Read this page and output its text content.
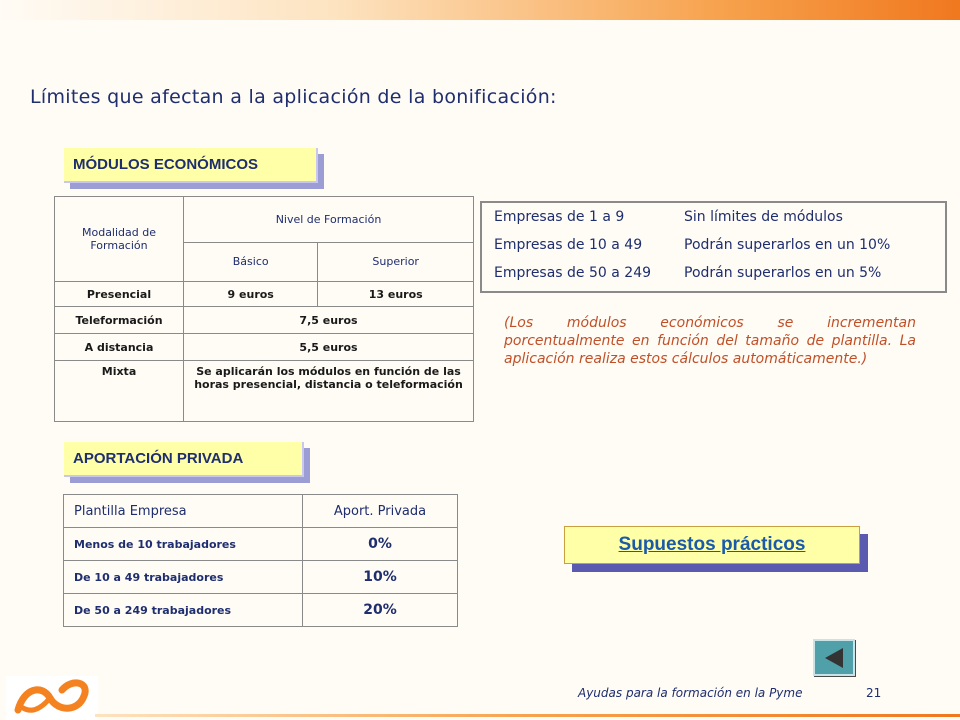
Límites que afectan a la aplicación de la bonificación:
MÓDULOS ECONÓMICOS
Modalidad de Formación	Nivel de Formación	
	Básico	Superior
Presencial	9 euros	13 euros
Teleformación	7,5 euros	
A distancia	5,5 euros	
Mixta	Se aplicarán los módulos en función de las horas presencial, distancia o teleformación	
Empresas de 1 a 9	Sin límites de módulos
Empresas de 10 a 49	Podrán superarlos en un 10%
Empresas de 50 a 249 Podrán superarlos en un 5%
(Los módulos económicos se incrementan porcentualmente en función del tamaño de plantilla. La aplicación realiza estos cálculos automáticamente.)
APORTACIÓN PRIVADA
Plantilla Empresa	Aport. Privada
Menos de 10 trabajadores	0%
De 10 a 49 trabajadores	10%
De 50 a 249 trabajadores	20%
Supuestos prácticos
Ayudas para la formación en la Pyme	21
